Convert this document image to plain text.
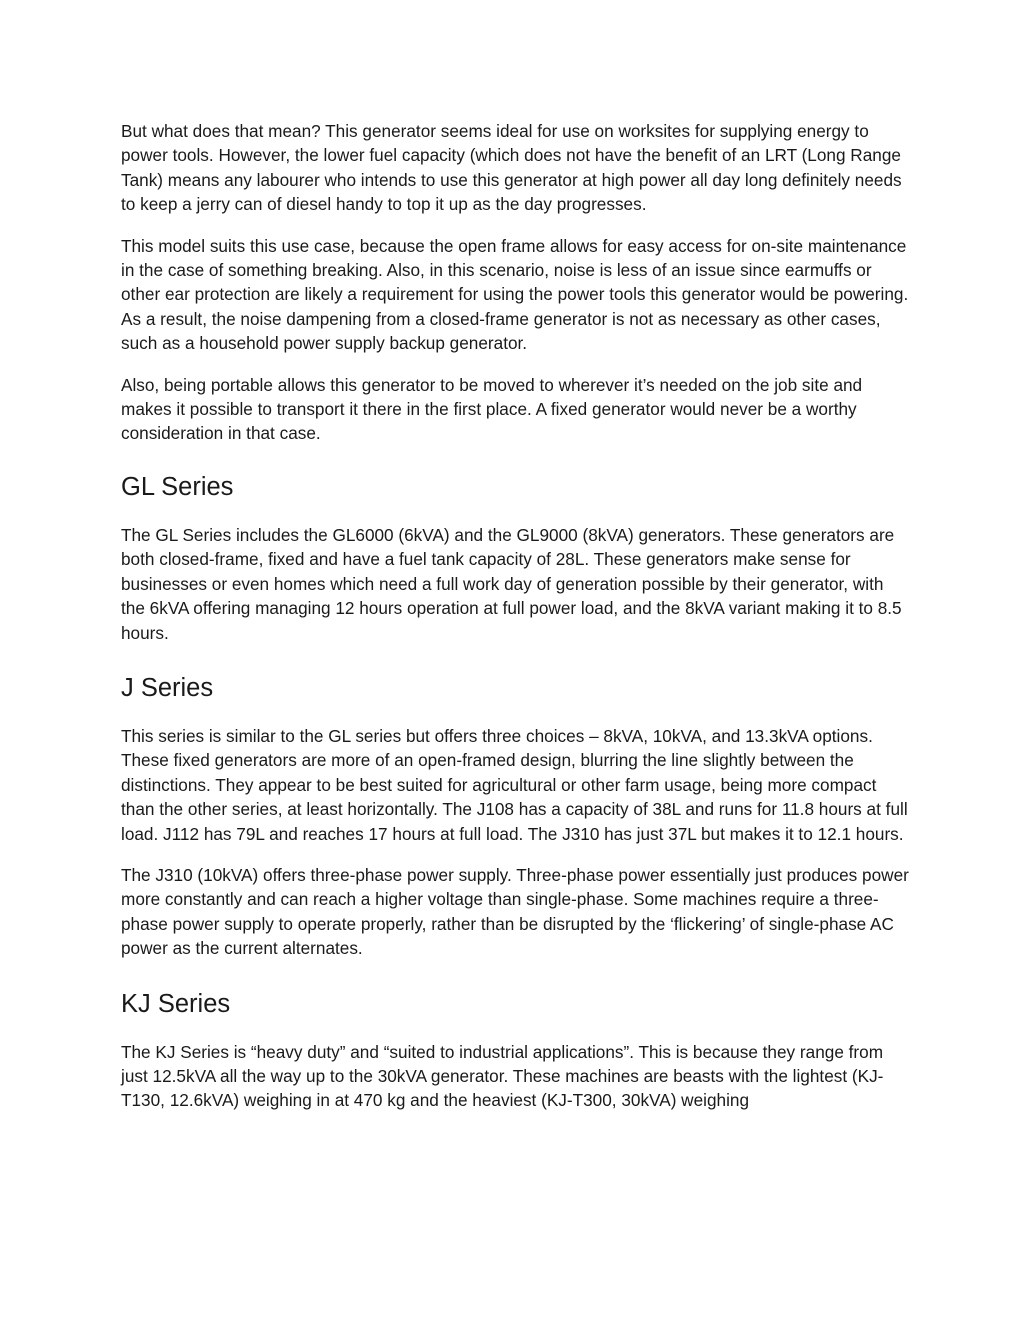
But what does that mean? This generator seems ideal for use on worksites for supplying energy to power tools. However, the lower fuel capacity (which does not have the benefit of an LRT (Long Range Tank) means any labourer who intends to use this generator at high power all day long definitely needs to keep a jerry can of diesel handy to top it up as the day progresses.

This model suits this use case, because the open frame allows for easy access for on-site maintenance in the case of something breaking. Also, in this scenario, noise is less of an issue since earmuffs or other ear protection are likely a requirement for using the power tools this generator would be powering. As a result, the noise dampening from a closed-frame generator is not as necessary as other cases, such as a household power supply backup generator.

Also, being portable allows this generator to be moved to wherever it’s needed on the job site and makes it possible to transport it there in the first place. A fixed generator would never be a worthy consideration in that case.

GL Series

The GL Series includes the GL6000 (6kVA) and the GL9000 (8kVA) generators. These generators are both closed-frame, fixed and have a fuel tank capacity of 28L. These generators make sense for businesses or even homes which need a full work day of generation possible by their generator, with the 6kVA offering managing 12 hours operation at full power load, and the 8kVA variant making it to 8.5 hours.

J Series

This series is similar to the GL series but offers three choices – 8kVA, 10kVA, and 13.3kVA options. These fixed generators are more of an open-framed design, blurring the line slightly between the distinctions. They appear to be best suited for agricultural or other farm usage, being more compact than the other series, at least horizontally. The J108 has a capacity of 38L and runs for 11.8 hours at full load. J112 has 79L and reaches 17 hours at full load. The J310 has just 37L but makes it to 12.1 hours.

The J310 (10kVA) offers three-phase power supply. Three-phase power essentially just produces power more constantly and can reach a higher voltage than single-phase. Some machines require a three-phase power supply to operate properly, rather than be disrupted by the ‘flickering’ of single-phase AC power as the current alternates.

KJ Series

The KJ Series is “heavy duty” and “suited to industrial applications”. This is because they range from just 12.5kVA all the way up to the 30kVA generator. These machines are beasts with the lightest (KJ-T130, 12.6kVA) weighing in at 470 kg and the heaviest (KJ-T300, 30kVA) weighing
